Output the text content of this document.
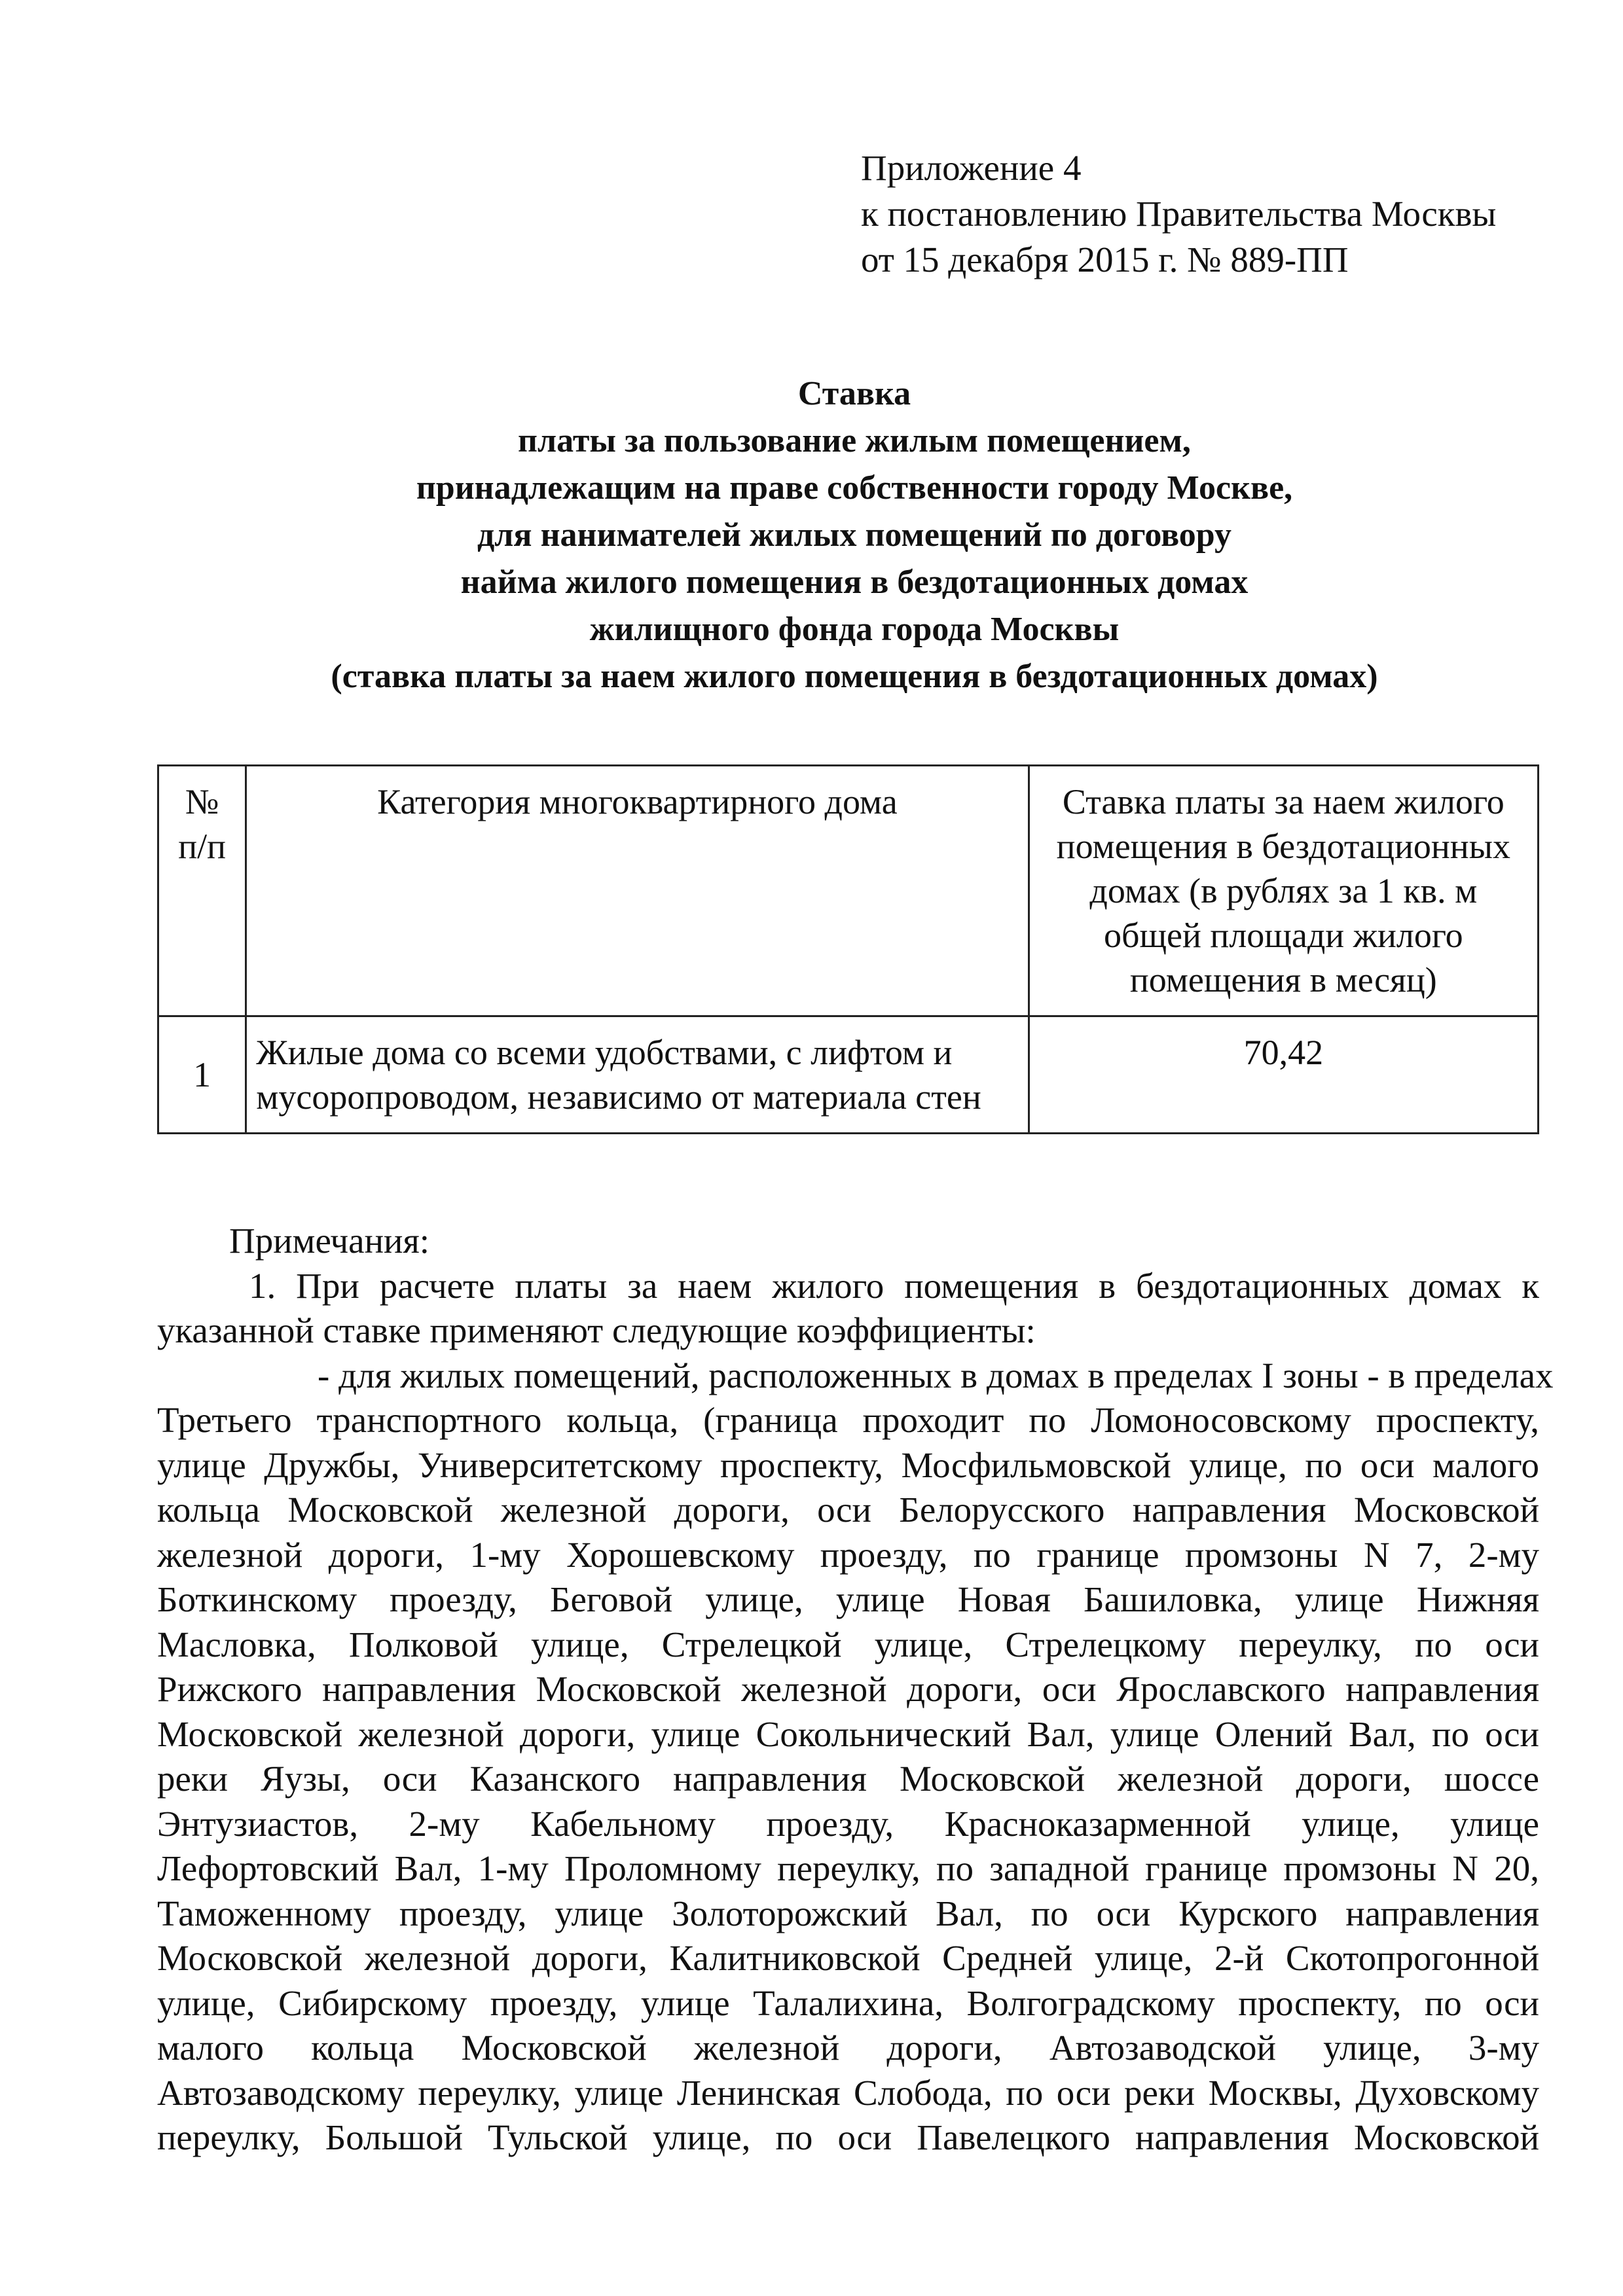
Приложение 4
к постановлению Правительства Москвы
от 15 декабря 2015 г. № 889-ПП
Ставка
платы за пользование жилым помещением,
принадлежащим на праве собственности городу Москве,
для нанимателей жилых помещений по договору
найма жилого помещения в бездотационных домах
жилищного фонда города Москвы
(ставка платы за наем жилого помещения в бездотационных домах)
№ п/п	Категория многоквартирного дома	Ставка платы за наем жилого помещения в бездотационных домах (в рублях за 1 кв. м общей площади жилого помещения в месяц)
1	Жилые дома со всеми удобствами, с лифтом и мусоропроводом, независимо от материала стен	70,42
Примечания:
1. При расчете платы за наем жилого помещения в бездотационных домах к
указанной ставке применяют следующие коэффициенты:
- для жилых помещений, расположенных в домах в пределах I зоны - в пределах
Третьего транспортного кольца, (граница проходит по Ломоносовскому проспекту,
улице Дружбы, Университетскому проспекту, Мосфильмовской улице, по оси малого
кольца Московской железной дороги, оси Белорусского направления Московской
железной дороги, 1-му Хорошевскому проезду, по границе промзоны N 7, 2-му
Боткинскому проезду, Беговой улице, улице Новая Башиловка, улице Нижняя
Масловка, Полковой улице, Стрелецкой улице, Стрелецкому переулку, по оси
Рижского направления Московской железной дороги, оси Ярославского направления
Московской железной дороги, улице Сокольнический Вал, улице Олений Вал, по оси
реки Яузы, оси Казанского направления Московской железной дороги, шоссе
Энтузиастов, 2-му Кабельному проезду, Красноказарменной улице, улице
Лефортовский Вал, 1-му Проломному переулку, по западной границе промзоны N 20,
Таможенному проезду, улице Золоторожский Вал, по оси Курского направления
Московской железной дороги, Калитниковской Средней улице, 2-й Скотопрогонной
улице, Сибирскому проезду, улице Талалихина, Волгоградскому проспекту, по оси
малого кольца Московской железной дороги, Автозаводской улице, 3-му
Автозаводскому переулку, улице Ленинская Слобода, по оси реки Москвы, Духовскому
переулку, Большой Тульской улице, по оси Павелецкого направления Московской
